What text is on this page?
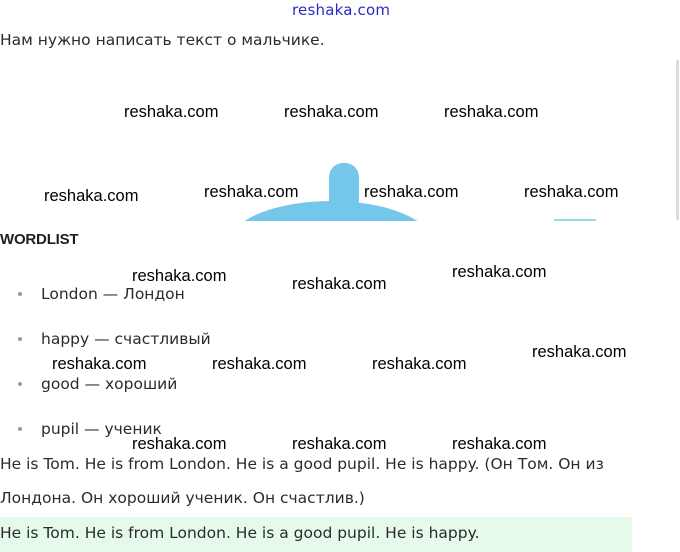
reshaka.com
Нам нужно написать текст о мальчике.
reshaka.com	reshaka.com	reshaka.com
reshaka.com	reshaka.com	reshaka.com	reshaka.com
WORDLIST
London — Лондон
happy — счастливый
good — хороший
pupil — ученик
reshaka.com	reshaka.com
reshaka.com
reshaka.com	reshaka.com	reshaka.com
reshaka.com
reshaka.com	reshaka.com	reshaka.com
He is Tom. He is from London. He is a good pupil. He is happy. (Он Том. Он из
Лондона. Он хороший ученик. Он счастлив.)
He is Tom. He is from London. He is a good pupil. He is happy.
